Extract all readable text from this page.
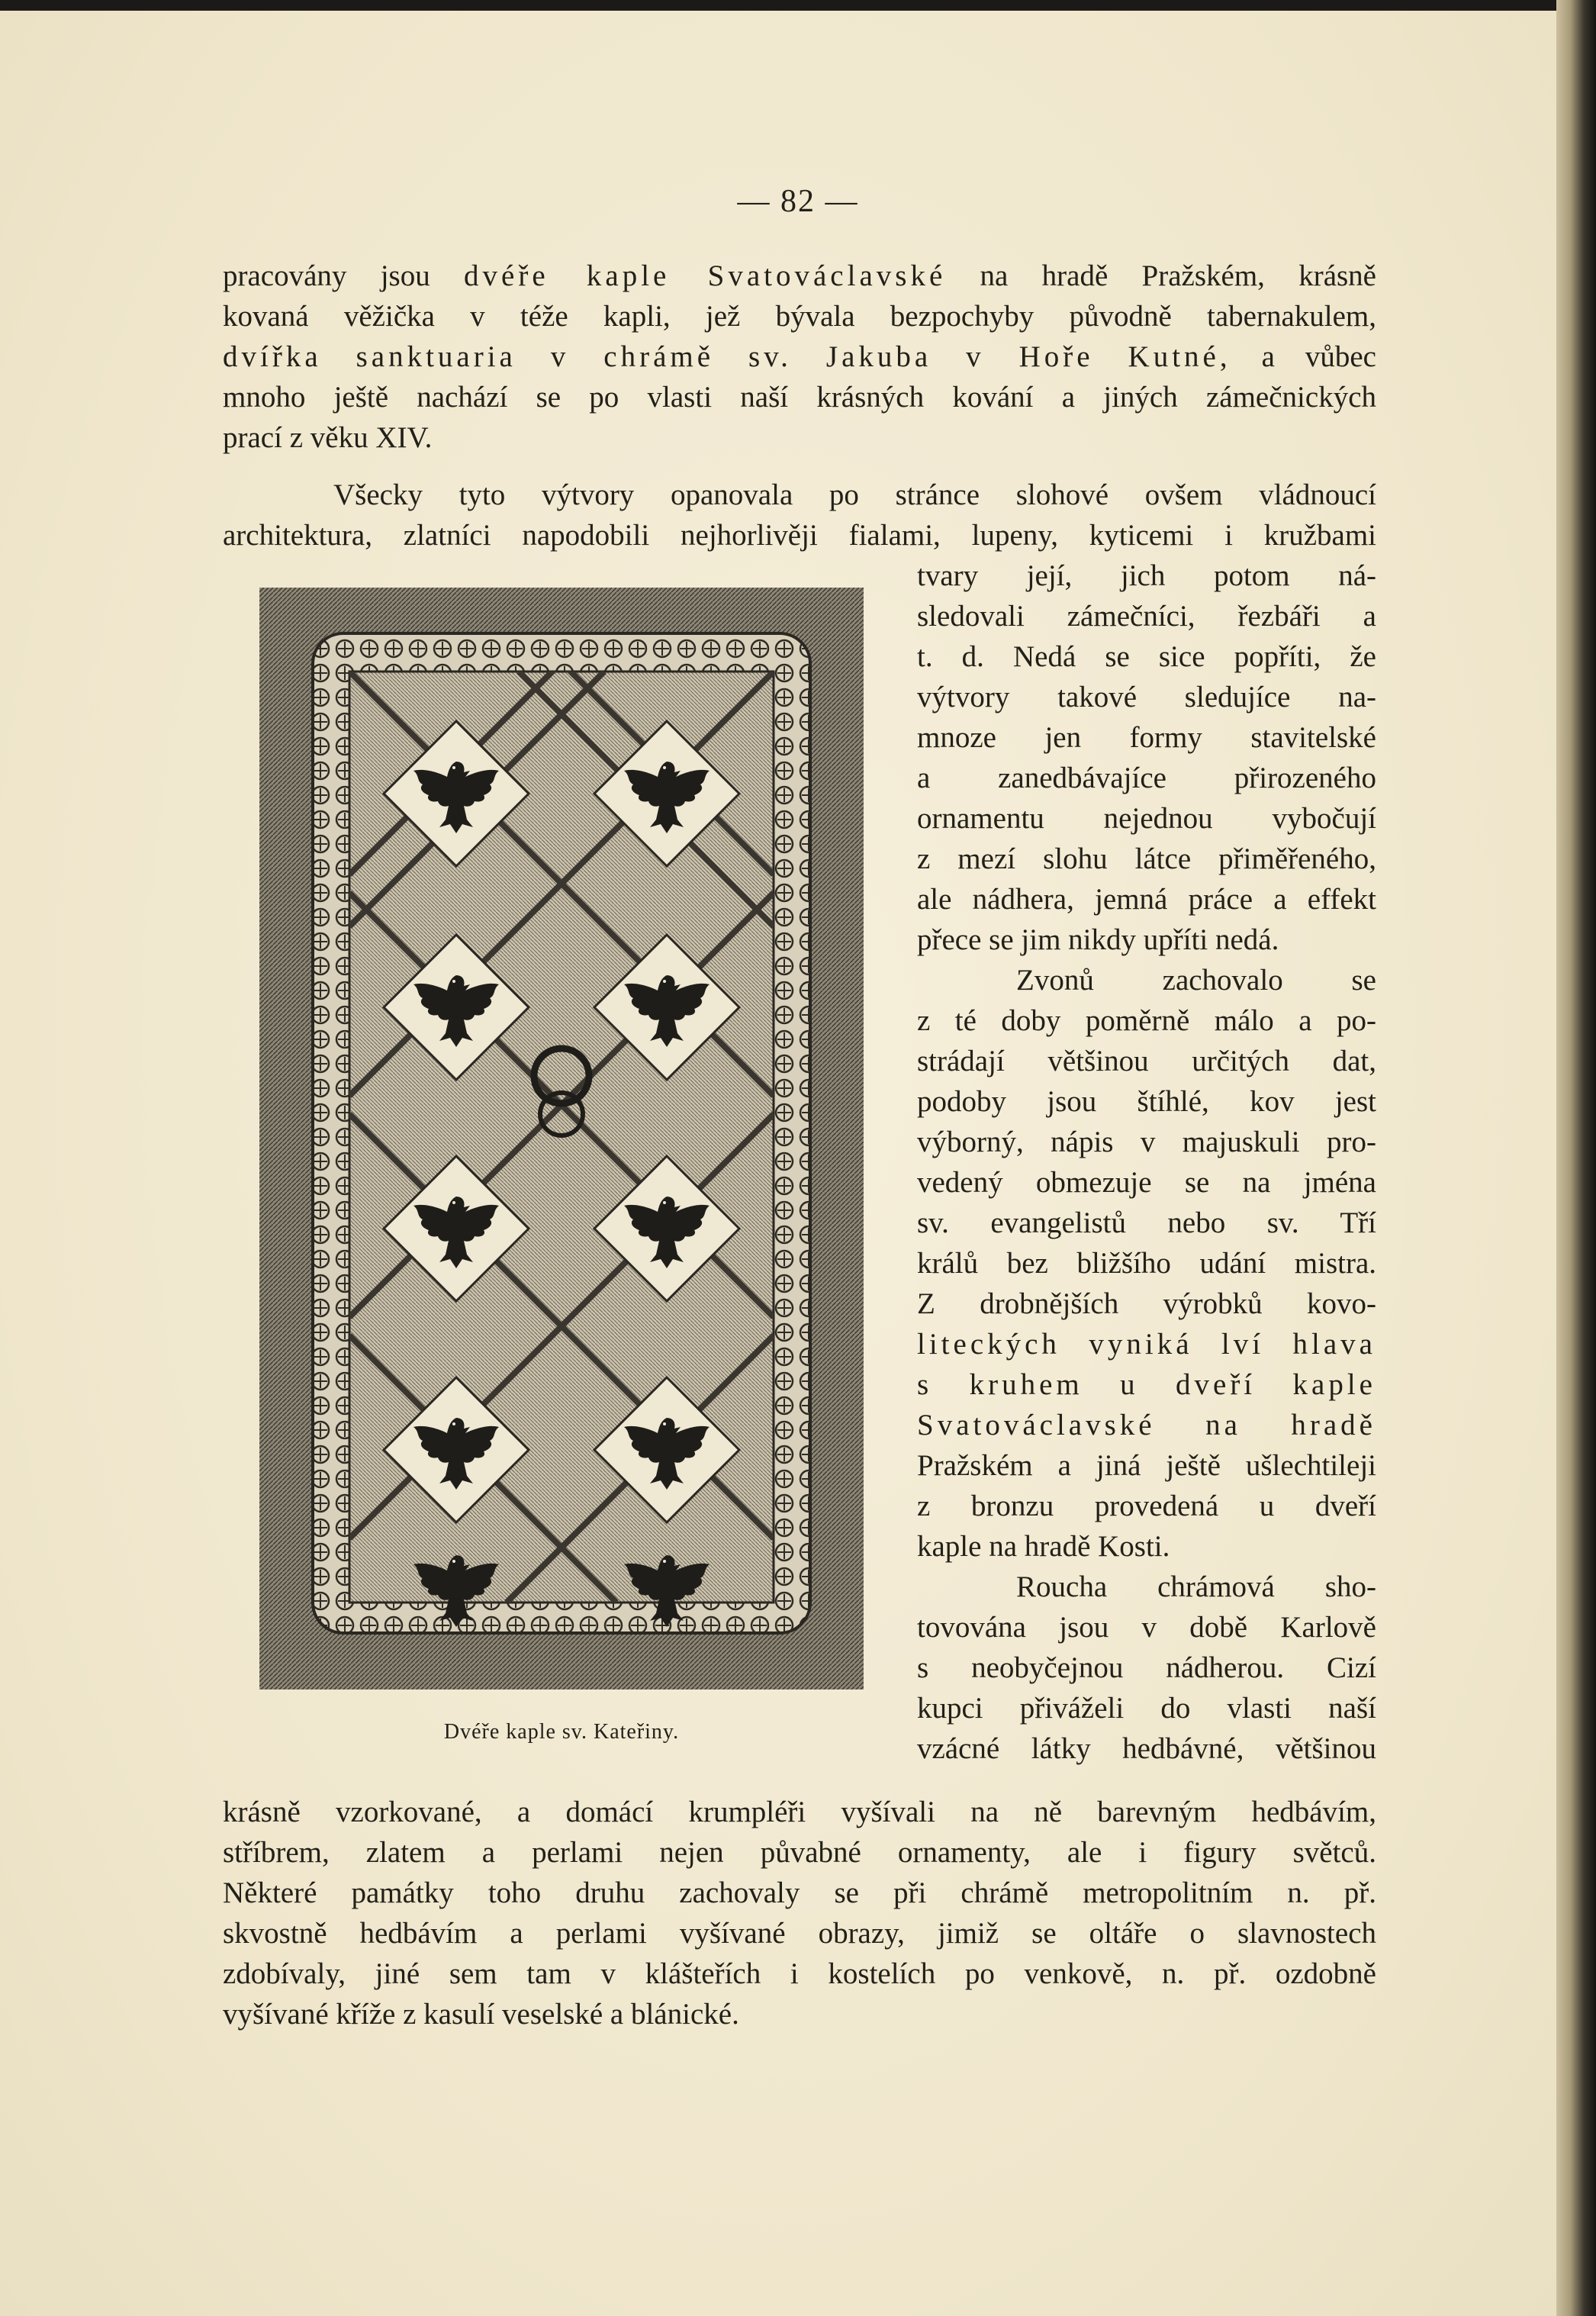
— 82 —
pracovány jsou dvéře kaple Svatováclavské na hradě Pražském, krásně
kovaná věžička v téže kapli, jež bývala bezpochyby původně tabernakulem,
dvířka sanktuaria v chrámě sv. Jakuba v Hoře Kutné, a vůbec
mnoho ještě nachází se po vlasti naší krásných kování a jiných zámečnických
prací z věku XIV.
Všecky tyto výtvory opanovala po stránce slohové ovšem vládnoucí
architektura, zlatníci napodobili nejhorlivěji fialami, lupeny, kyticemi i kružbami
Dvéře kaple sv. Kateřiny.
tvary její, jich potom ná-
sledovali zámečníci, řezbáři a
t. d. Nedá se sice popříti, že
výtvory takové sledujíce na-
mnoze jen formy stavitelské
a zanedbávajíce přirozeného
ornamentu nejednou vybočují
z mezí slohu látce přiměřeného,
ale nádhera, jemná práce a effekt
přece se jim nikdy upříti nedá.
Zvonů zachovalo se
z té doby poměrně málo a po-
strádají většinou určitých dat,
podoby jsou štíhlé, kov jest
výborný, nápis v majuskuli pro-
vedený obmezuje se na jména
sv. evangelistů nebo sv. Tří
králů bez bližšího udání mistra.
Z drobnějších výrobků kovo-
liteckých vyniká lví hlava
s kruhem u dveří kaple
Svatováclavské na hradě
Pražském a jiná ještě ušlechtileji
z bronzu provedená u dveří
kaple na hradě Kosti.
Roucha chrámová sho-
tovována jsou v době Karlově
s neobyčejnou nádherou. Cizí
kupci přiváželi do vlasti naší
vzácné látky hedbávné, většinou
krásně vzorkované, a domácí krumpléři vyšívali na ně barevným hedbávím,
stříbrem, zlatem a perlami nejen půvabné ornamenty, ale i figury světců.
Některé památky toho druhu zachovaly se při chrámě metropolitním n. př.
skvostně hedbávím a perlami vyšívané obrazy, jimiž se oltáře o slavnostech
zdobívaly, jiné sem tam v klášteřích i kostelích po venkově, n. př. ozdobně
vyšívané kříže z kasulí veselské a blánické.
